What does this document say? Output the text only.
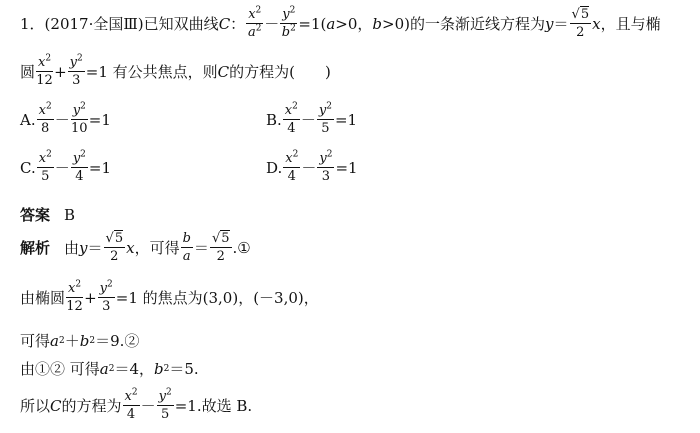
1． (2017·全国Ⅲ) 已知双曲线 C ： $\frac{x^2}{a^2} - \frac{y^2}{b^2} =1$( a >0， b >0) 的一条渐近线方程为 $y = \frac{√5}{2}$ x ，且与椭
圆 $\frac{x^2}{12} + \frac{y^2}{3} =1$ 有公共焦点，则 C 的方程为(　　)
A. $\frac{x^2}{8} - \frac{y^2}{10} =1$	B. $\frac{x^2}{4} - \frac{y^2}{5} =1$
C. $\frac{x^2}{5} - \frac{y^2}{4} =1$	D. $\frac{x^2}{4} - \frac{y^2}{3} =1$
答案 B
解析 由 $y = \frac{√5}{2}$ x ，可得 $\frac{b}{a} = \frac{√5}{2}$ .①
由椭圆 $\frac{x^2}{12} + \frac{y^2}{3} =1$ 的焦点为(3,0)，(－3,0)，
可得 a 2 ＋ b 2 ＝9.②
由①② 可得 a 2 ＝4， b 2 ＝5.
所以 C 的方程为 $\frac{x^2}{4} - \frac{y^2}{5} =1$.故选 B.
